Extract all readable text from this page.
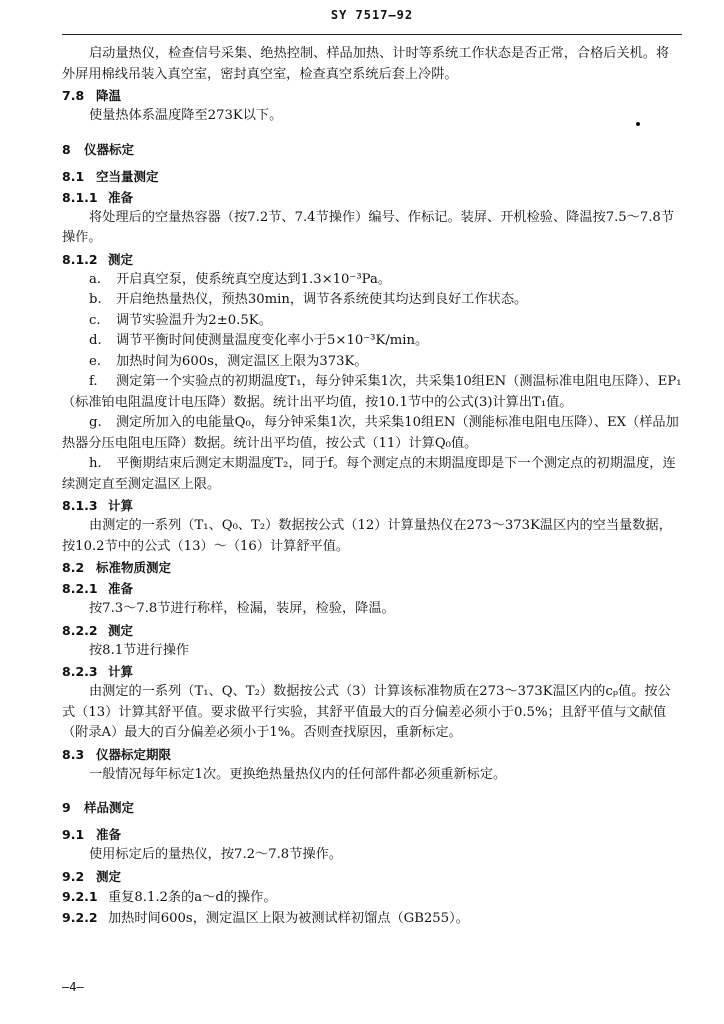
SY 7517—92

启动量热仪，检查信号采集、绝热控制、样品加热、计时等系统工作状态是否正常，合格后关机。将外屏用棉线吊装入真空室，密封真空室，检查真空系统后套上冷阱。

7.8 降温

使量热体系温度降至273K以下。

8 仪器标定

8.1 空当量测定

8.1.1 准备

将处理后的空量热容器（按7.2节、7.4节操作）编号、作标记。装屏、开机检验、降温按7.5～7.8节操作。

8.1.2 测定

a. 开启真空泵，使系统真空度达到1.3×10⁻³Pa。

b. 开启绝热量热仪，预热30min，调节各系统使其均达到良好工作状态。

c. 调节实验温升为2±0.5K。

d. 调节平衡时间使测量温度变化率小于5×10⁻³K/min。

e. 加热时间为600s，测定温区上限为373K。

f. 测定第一个实验点的初期温度T₁，每分钟采集1次，共采集10组EN（测温标准电阻电压降）、EP₁（标准铂电阻温度计电压降）数据。统计出平均值，按10.1节中的公式(3)计算出T₁值。

g. 测定所加入的电能量Q₀，每分钟采集1次，共采集10组EN（测能标准电阻电压降）、EX（样品加热器分压电阻电压降）数据。统计出平均值，按公式（11）计算Q₀值。

h. 平衡期结束后测定末期温度T₂，同于f。每个测定点的末期温度即是下一个测定点的初期温度，连续测定直至测定温区上限。

8.1.3 计算

由测定的一系列（T₁、Q₀、T₂）数据按公式（12）计算量热仪在273～373K温区内的空当量数据，按10.2节中的公式（13）～（16）计算舒平值。

8.2 标准物质测定

8.2.1 准备

按7.3～7.8节进行称样，检漏，装屏，检验，降温。

8.2.2 测定

按8.1节进行操作

8.2.3 计算

由测定的一系列（T₁、Q、T₂）数据按公式（3）计算该标准物质在273～373K温区内的cₚ值。按公式（13）计算其舒平值。要求做平行实验，其舒平值最大的百分偏差必须小于0.5%；且舒平值与文献值（附录A）最大的百分偏差必须小于1%。否则查找原因，重新标定。

8.3 仪器标定期限

一般情况每年标定1次。更换绝热量热仪内的任何部件都必须重新标定。

9 样品测定

9.1 准备

使用标定后的量热仪，按7.2～7.8节操作。

9.2 测定

9.2.1 重复8.1.2条的a～d的操作。

9.2.2 加热时间600s，测定温区上限为被测试样初馏点（GB255）。

—4—
